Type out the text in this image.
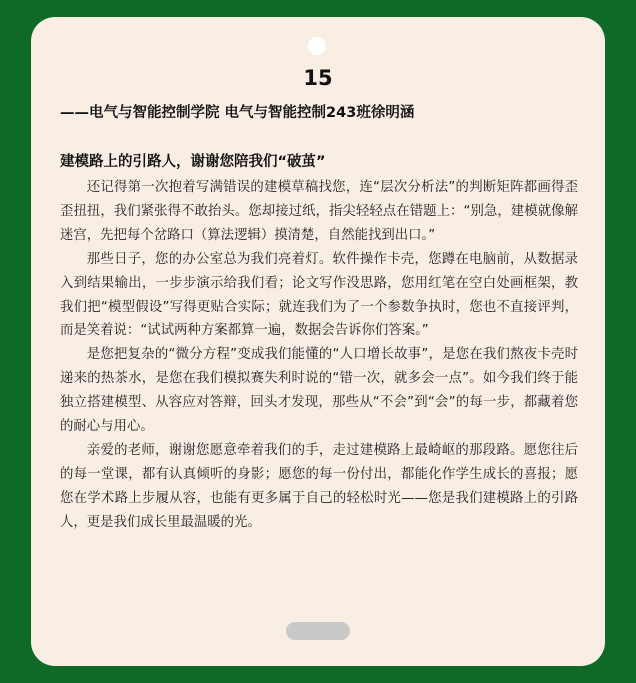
15
——电气与智能控制学院 电气与智能控制243班徐明涵
建模路上的引路人，谢谢您陪我们“破茧”

还记得第一次抱着写满错误的建模草稿找您，连“层次分析法”的判断矩阵都画得歪歪扭扭，我们紧张得不敢抬头。您却接过纸，指尖轻轻点在错题上：“别急，建模就像解迷宫，先把每个岔路口（算法逻辑）摸清楚，自然能找到出口。”

那些日子，您的办公室总为我们亮着灯。软件操作卡壳，您蹲在电脑前，从数据录入到结果输出，一步步演示给我们看；论文写作没思路，您用红笔在空白处画框架，教我们把“模型假设”写得更贴合实际；就连我们为了一个参数争执时，您也不直接评判，而是笑着说：“试试两种方案都算一遍，数据会告诉你们答案。”

是您把复杂的“微分方程”变成我们能懂的“人口增长故事”，是您在我们熬夜卡壳时递来的热茶水，是您在我们模拟赛失利时说的“错一次，就多会一点”。如今我们终于能独立搭建模型、从容应对答辩，回头才发现，那些从“不会”到“会”的每一步，都藏着您的耐心与用心。

亲爱的老师，谢谢您愿意牵着我们的手，走过建模路上最崎岖的那段路。愿您往后的每一堂课，都有认真倾听的身影；愿您的每一份付出，都能化作学生成长的喜报；愿您在学术路上步履从容，也能有更多属于自己的轻松时光——您是我们建模路上的引路人，更是我们成长里最温暖的光。
